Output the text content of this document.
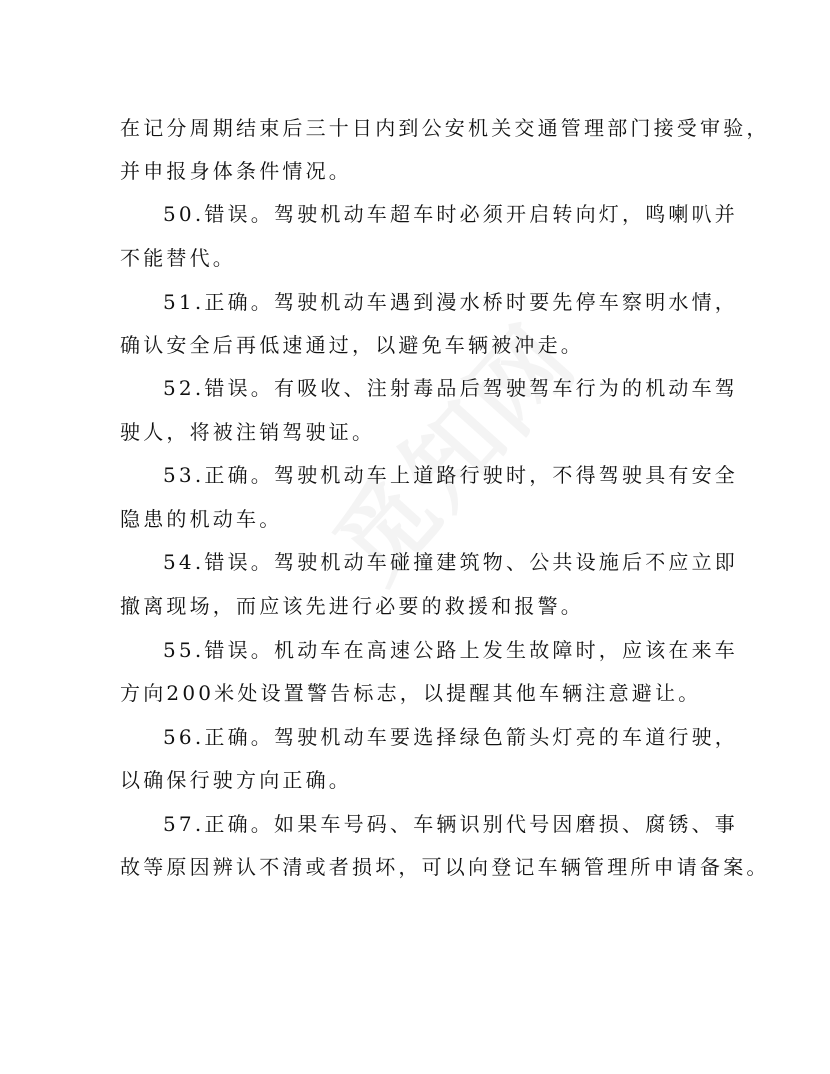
在记分周期结束后三十日内到公安机关交通管理部门接受审验，
并申报身体条件情况。
50.错误。驾驶机动车超车时必须开启转向灯，鸣喇叭并
不能替代。
51.正确。驾驶机动车遇到漫水桥时要先停车察明水情，
确认安全后再低速通过，以避免车辆被冲走。
52.错误。有吸收、注射毒品后驾驶驾车行为的机动车驾
驶人，将被注销驾驶证。
53.正确。驾驶机动车上道路行驶时，不得驾驶具有安全
隐患的机动车。
54.错误。驾驶机动车碰撞建筑物、公共设施后不应立即
撤离现场，而应该先进行必要的救援和报警。
55.错误。机动车在高速公路上发生故障时，应该在来车
方向200米处设置警告标志，以提醒其他车辆注意避让。
56.正确。驾驶机动车要选择绿色箭头灯亮的车道行驶，
以确保行驶方向正确。
57.正确。如果车号码、车辆识别代号因磨损、腐锈、事
故等原因辨认不清或者损坏，可以向登记车辆管理所申请备案。
